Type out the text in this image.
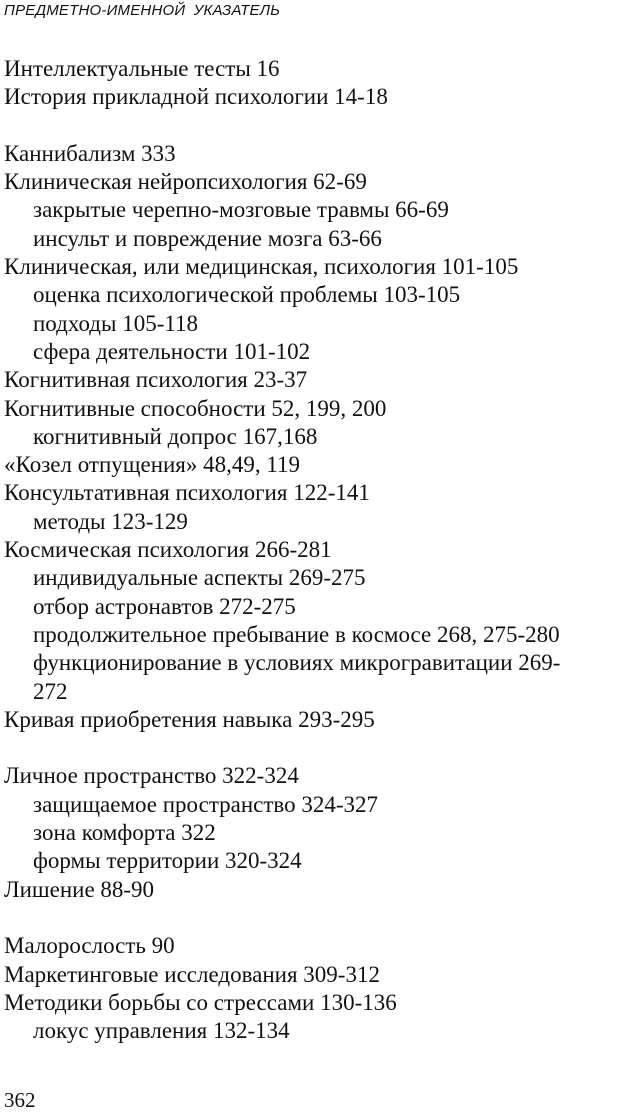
ПРЕДМЕТНО-ИМЕННОЙ УКАЗАТЕЛЬ
Интеллектуальные тесты 16
История прикладной психологии 14-18
Каннибализм 333
Клиническая нейропсихология 62-69
закрытые черепно-мозговые травмы 66-69
инсульт и повреждение мозга 63-66
Клиническая, или медицинская, психология 101-105
оценка психологической проблемы 103-105
подходы 105-118
сфера деятельности 101-102
Когнитивная психология 23-37
Когнитивные способности 52, 199, 200
когнитивный допрос 167,168
«Козел отпущения» 48,49, 119
Консультативная психология 122-141
методы 123-129
Космическая психология 266-281
индивидуальные аспекты 269-275
отбор астронавтов 272-275
продолжительное пребывание в космосе 268, 275-280
функционирование в условиях микрогравитации 269-
272
Кривая приобретения навыка 293-295
Личное пространство 322-324
защищаемое пространство 324-327
зона комфорта 322
формы территории 320-324
Лишение 88-90
Малорослость 90
Маркетинговые исследования 309-312
Методики борьбы со стрессами 130-136
локус управления 132-134
362
